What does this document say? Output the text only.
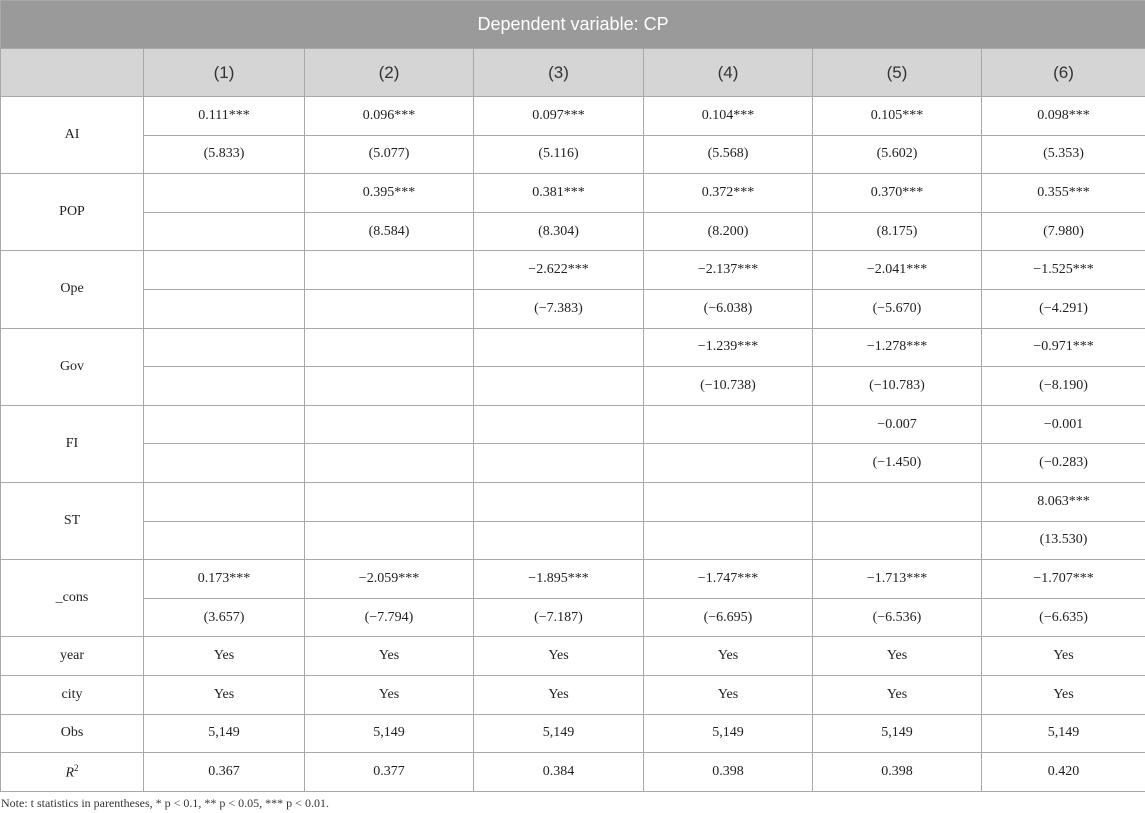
Dependent variable: CP						
	(1)	(2)	(3)	(4)	(5)	(6)
AI	0.111***	0.096***	0.097***	0.104***	0.105***	0.098***
	(5.833)	(5.077)	(5.116)	(5.568)	(5.602)	(5.353)
POP		0.395***	0.381***	0.372***	0.370***	0.355***
		(8.584)	(8.304)	(8.200)	(8.175)	(7.980)
Ope			−2.622***	−2.137***	−2.041***	−1.525***
			(−7.383)	(−6.038)	(−5.670)	(−4.291)
Gov				−1.239***	−1.278***	−0.971***
				(−10.738)	(−10.783)	(−8.190)
FI					−0.007	−0.001
					(−1.450)	(−0.283)
ST						8.063***
						(13.530)
_cons	0.173***	−2.059***	−1.895***	−1.747***	−1.713***	−1.707***
	(3.657)	(−7.794)	(−7.187)	(−6.695)	(−6.536)	(−6.635)
year	Yes	Yes	Yes	Yes	Yes	Yes
city	Yes	Yes	Yes	Yes	Yes	Yes
Obs	5,149	5,149	5,149	5,149	5,149	5,149
$R^2$	0.367	0.377	0.384	0.398	0.398	0.420
Note: t statistics in parentheses, * p < 0.1, ** p < 0.05, *** p < 0.01.
